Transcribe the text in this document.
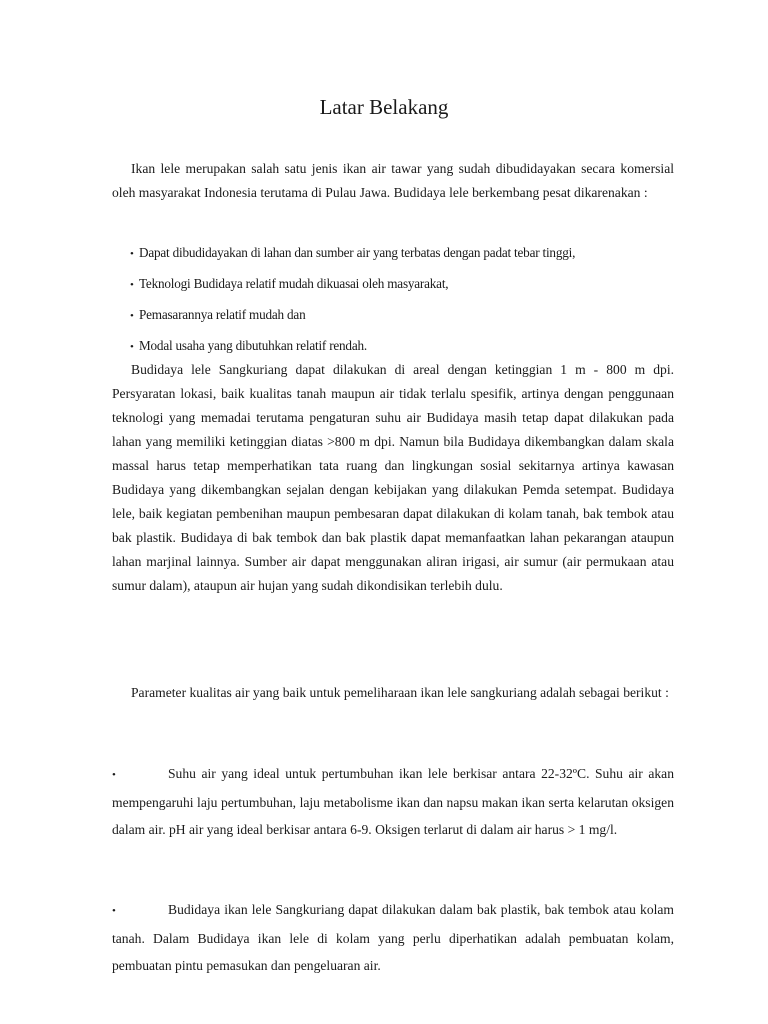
Latar Belakang

Ikan lele merupakan salah satu jenis ikan air tawar yang sudah dibudidayakan secara komersial oleh masyarakat Indonesia terutama di Pulau Jawa. Budidaya lele berkembang pesat dikarenakan :

• Dapat dibudidayakan di lahan dan sumber air yang terbatas dengan padat tebar tinggi,
• Teknologi Budidaya relatif mudah dikuasai oleh masyarakat,
• Pemasarannya relatif mudah dan
• Modal usaha yang dibutuhkan relatif rendah.

Budidaya lele Sangkuriang dapat dilakukan di areal dengan ketinggian 1 m - 800 m dpi. Persyaratan lokasi, baik kualitas tanah maupun air tidak terlalu spesifik, artinya dengan penggunaan teknologi yang memadai terutama pengaturan suhu air Budidaya masih tetap dapat dilakukan pada lahan yang memiliki ketinggian diatas >800 m dpi. Namun bila Budidaya dikembangkan dalam skala massal harus tetap memperhatikan tata ruang dan lingkungan sosial sekitarnya artinya kawasan Budidaya yang dikembangkan sejalan dengan kebijakan yang dilakukan Pemda setempat. Budidaya lele, baik kegiatan pembenihan maupun pembesaran dapat dilakukan di kolam tanah, bak tembok atau bak plastik. Budidaya di bak tembok dan bak plastik dapat memanfaatkan lahan pekarangan ataupun lahan marjinal lainnya. Sumber air dapat menggunakan aliran irigasi, air sumur (air permukaan atau sumur dalam), ataupun air hujan yang sudah dikondisikan terlebih dulu.

Parameter kualitas air yang baik untuk pemeliharaan ikan lele sangkuriang adalah sebagai berikut :

•	Suhu air yang ideal untuk pertumbuhan ikan lele berkisar antara 22-32ºC. Suhu air akan mempengaruhi laju pertumbuhan, laju metabolisme ikan dan napsu makan ikan serta kelarutan oksigen dalam air. pH air yang ideal berkisar antara 6-9. Oksigen terlarut di dalam air harus > 1 mg/l.

•	Budidaya ikan lele Sangkuriang dapat dilakukan dalam bak plastik, bak tembok atau kolam tanah. Dalam Budidaya ikan lele di kolam yang perlu diperhatikan adalah pembuatan kolam, pembuatan pintu pemasukan dan pengeluaran air.
